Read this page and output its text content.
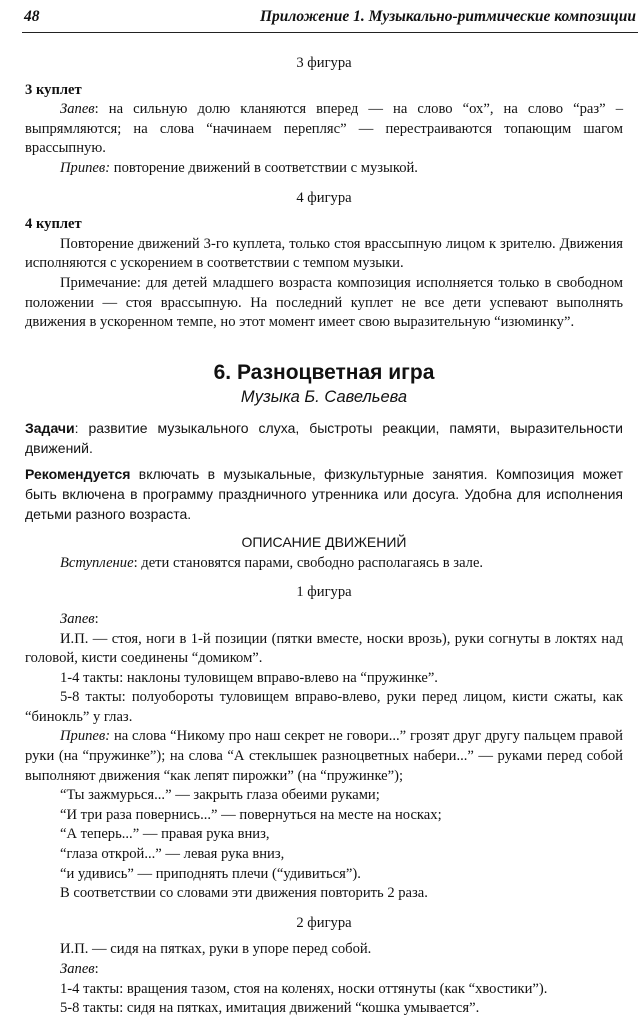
48	Приложение 1. Музыкально-ритмические композиции

3 фигура

3 куплет

Запев: на сильную долю кланяются вперед — на слово “ох”, на слово “раз” – выпрямляются; на слова “начинаем перепляс” — перестраиваются топающим шагом врассыпную.

Припев: повторение движений в соответствии с музыкой.

4 фигура

4 куплет

Повторение движений 3-го куплета, только стоя врассыпную лицом к зрителю. Движения исполняются с ускорением в соответствии с темпом музыки.

Примечание: для детей младшего возраста композиция исполняется только в свободном положении — стоя врассыпную. На последний куплет не все дети успевают выполнять движения в ускоренном темпе, но этот момент имеет свою выразительную “изюминку”.

6. Разноцветная игра

Музыка Б. Савельева

Задачи: развитие музыкального слуха, быстроты реакции, памяти, выразительности движений.

Рекомендуется включать в музыкальные, физкультурные занятия. Композиция может быть включена в программу праздничного утренника или досуга. Удобна для исполнения детьми разного возраста.

ОПИСАНИЕ ДВИЖЕНИЙ

Вступление: дети становятся парами, свободно располагаясь в зале.

1 фигура

Запев:

И.П. — стоя, ноги в 1-й позиции (пятки вместе, носки врозь), руки согнуты в локтях над головой, кисти соединены “домиком”.

1-4 такты: наклоны туловищем вправо-влево на “пружинке”.

5-8 такты: полуобороты туловищем вправо-влево, руки перед лицом, кисти сжаты, как “бинокль” у глаз.

Припев: на слова “Никому про наш секрет не говори...” грозят друг другу пальцем правой руки (на “пружинке”); на слова “А стеклышек разноцветных набери...” — руками перед собой выполняют движения “как лепят пирожки” (на “пружинке”);

“Ты зажмурься...” — закрыть глаза обеими руками;

“И три раза повернись...” — повернуться на месте на носках;

“А теперь...” — правая рука вниз,

“глаза открой...” — левая рука вниз,

“и удивись” — приподнять плечи (“удивиться”).

В соответствии со словами эти движения повторить 2 раза.

2 фигура

И.П. — сидя на пятках, руки в упоре перед собой.

Запев:

1-4 такты: вращения тазом, стоя на коленях, носки оттянуты (как “хвостики”).

5-8 такты: сидя на пятках, имитация движений “кошка умывается”.
